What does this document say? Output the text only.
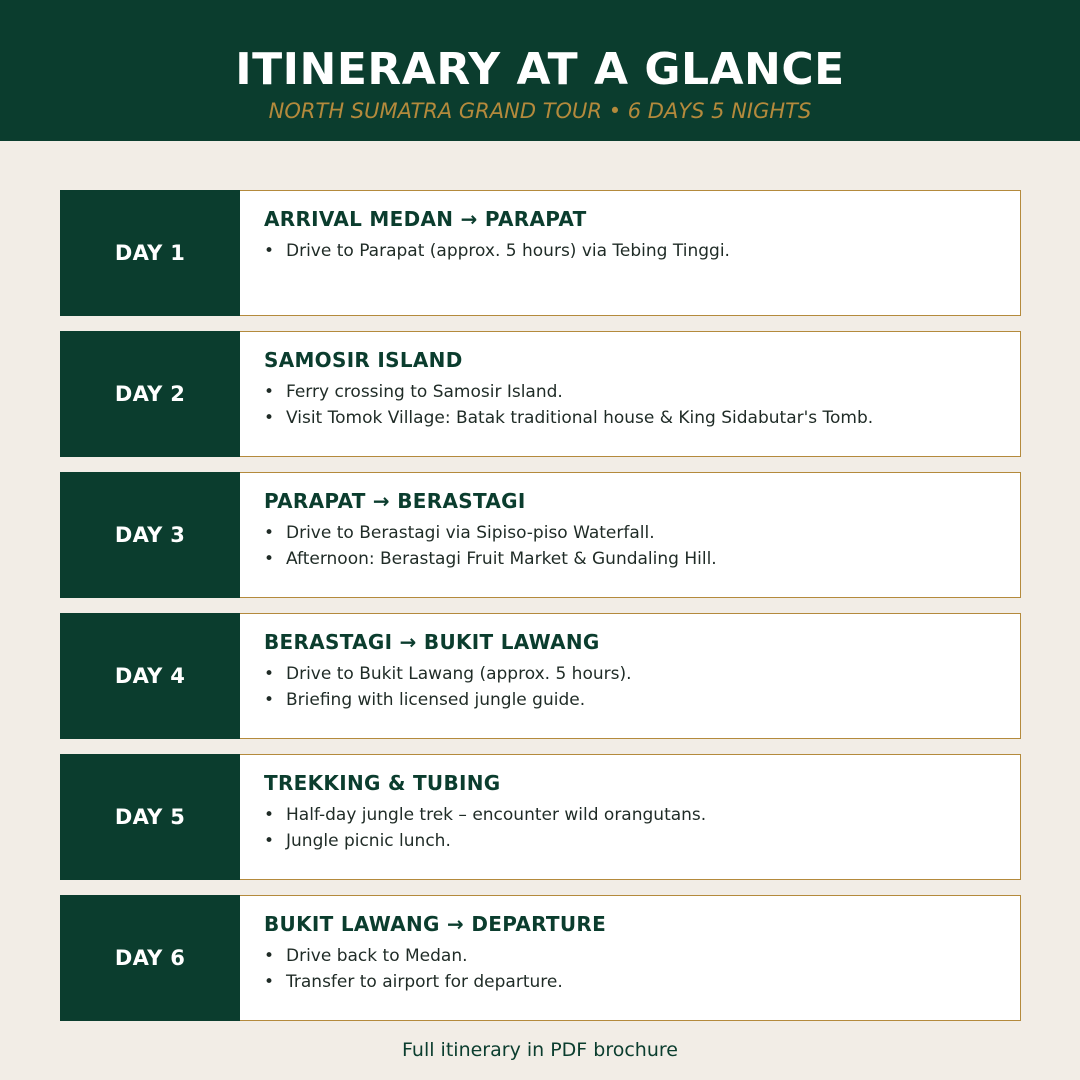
ITINERARY AT A GLANCE
NORTH SUMATRA GRAND TOUR • 6 DAYS 5 NIGHTS
DAY 1
ARRIVAL MEDAN → PARAPAT
• Drive to Parapat (approx. 5 hours) via Tebing Tinggi.
DAY 2
SAMOSIR ISLAND
• Ferry crossing to Samosir Island.
• Visit Tomok Village: Batak traditional house & King Sidabutar's Tomb.
DAY 3
PARAPAT → BERASTAGI
• Drive to Berastagi via Sipiso-piso Waterfall.
• Afternoon: Berastagi Fruit Market & Gundaling Hill.
DAY 4
BERASTAGI → BUKIT LAWANG
• Drive to Bukit Lawang (approx. 5 hours).
• Briefing with licensed jungle guide.
DAY 5
TREKKING & TUBING
• Half-day jungle trek – encounter wild orangutans.
• Jungle picnic lunch.
DAY 6
BUKIT LAWANG → DEPARTURE
• Drive back to Medan.
• Transfer to airport for departure.
Full itinerary in PDF brochure
